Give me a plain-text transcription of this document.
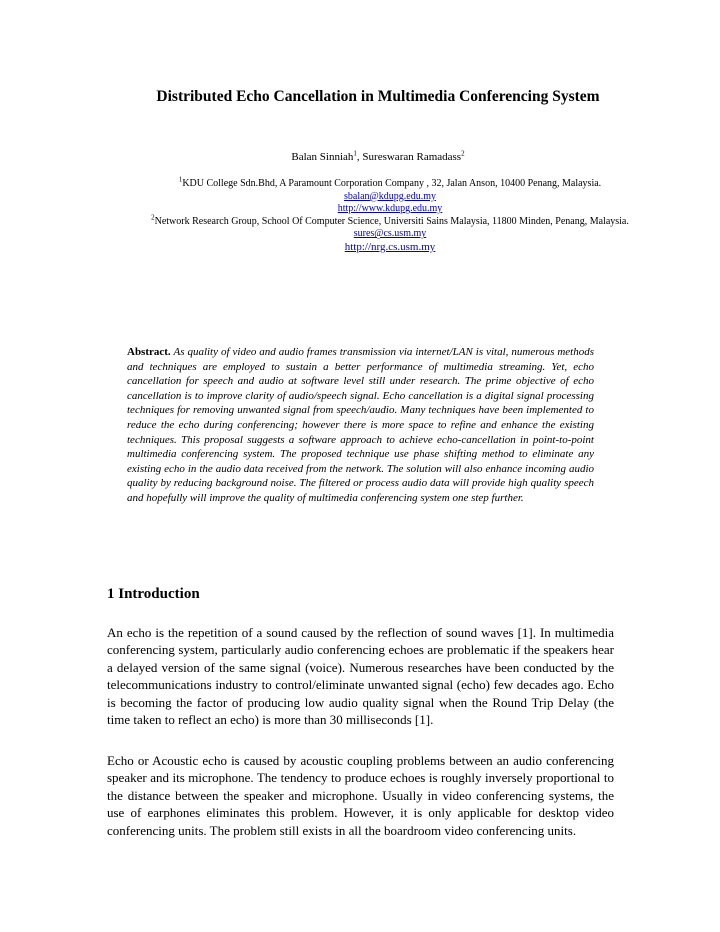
Distributed Echo Cancellation in Multimedia Conferencing System
Balan Sinniah$^1$, Sureswaran Ramadass$^2$
$^1$KDU College Sdn.Bhd, A Paramount Corporation Company , 32, Jalan Anson, 10400 Penang, Malaysia.
sbalan@kdupg.edu.my
http://www.kdupg.edu.my
$^2$Network Research Group, School Of Computer Science, Universiti Sains Malaysia, 11800 Minden, Penang, Malaysia.
sures@cs.usm.my
http://nrg.cs.usm.my
Abstract. As quality of video and audio frames transmission via internet/LAN is vital, numerous methods and techniques are employed to sustain a better performance of multimedia streaming. Yet, echo cancellation for speech and audio at software level still under research. The prime objective of echo cancellation is to improve clarity of audio/speech signal. Echo cancellation is a digital signal processing techniques for removing unwanted signal from speech/audio. Many techniques have been implemented to reduce the echo during conferencing; however there is more space to refine and enhance the existing techniques. This proposal suggests a software approach to achieve echo-cancellation in point-to-point multimedia conferencing system. The proposed technique use phase shifting method to eliminate any existing echo in the audio data received from the network. The solution will also enhance incoming audio quality by reducing background noise. The filtered or process audio data will provide high quality speech and hopefully will improve the quality of multimedia conferencing system one step further.
1 Introduction
An echo is the repetition of a sound caused by the reflection of sound waves [1]. In multimedia conferencing system, particularly audio conferencing echoes are problematic if the speakers hear a delayed version of the same signal (voice). Numerous researches have been conducted by the telecommunications industry to control/eliminate unwanted signal (echo) few decades ago. Echo is becoming the factor of producing low audio quality signal when the Round Trip Delay (the time taken to reflect an echo) is more than 30 milliseconds [1].
Echo or Acoustic echo is caused by acoustic coupling problems between an audio conferencing speaker and its microphone. The tendency to produce echoes is roughly inversely proportional to the distance between the speaker and microphone. Usually in video conferencing systems, the use of earphones eliminates this problem. However, it is only applicable for desktop video conferencing units. The problem still exists in all the boardroom video conferencing units.
